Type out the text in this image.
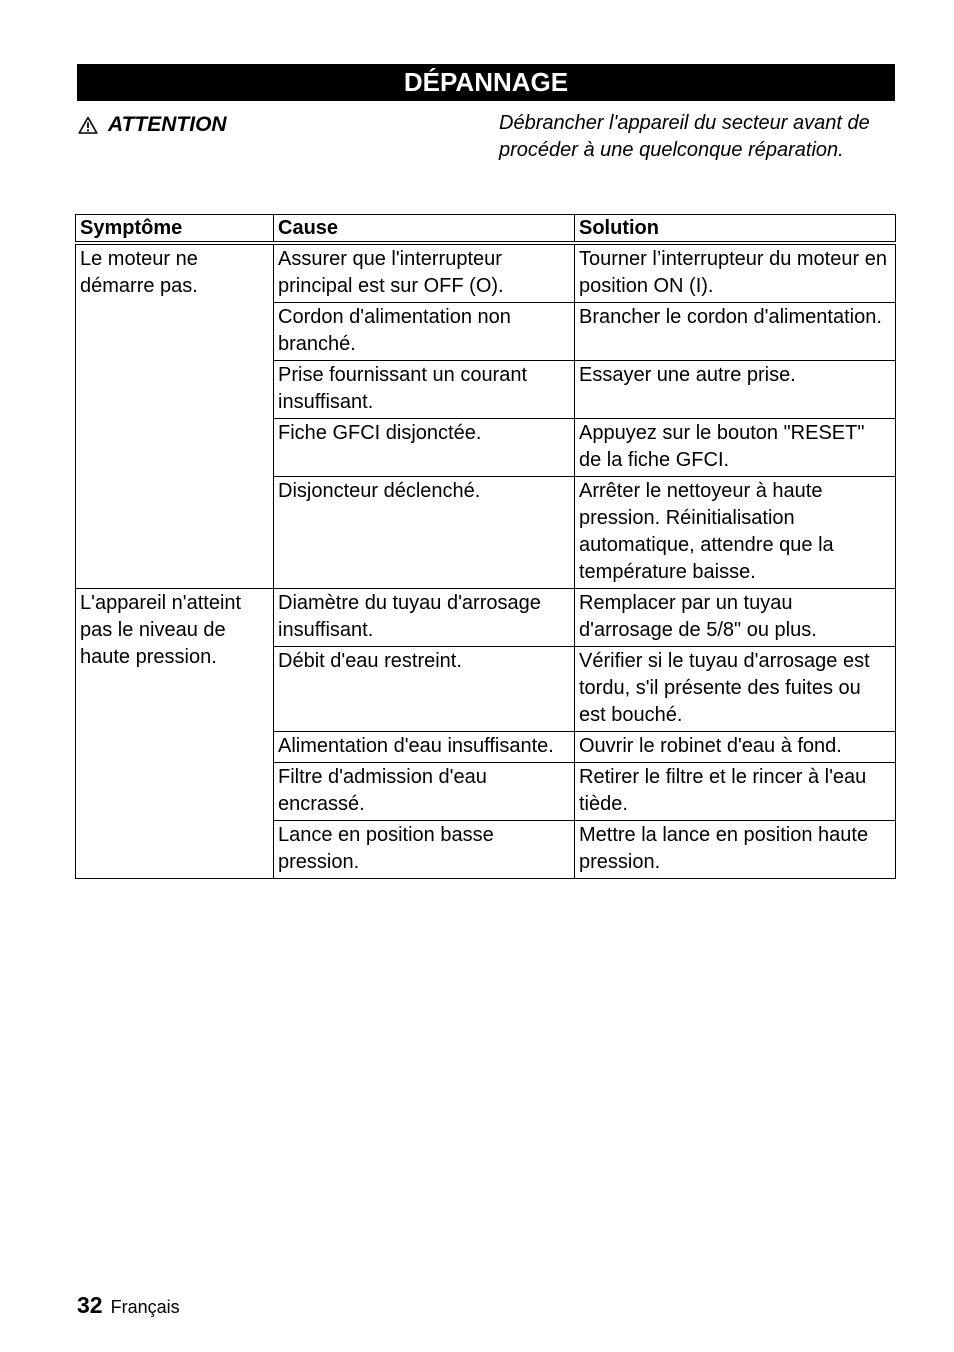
DÉPANNAGE
ATTENTION	Débrancher l'appareil du secteur avant de procéder à une quelconque réparation.
Symptôme	Cause	Solution
Le moteur ne démarre pas.	Assurer que l'interrupteur principal est sur OFF (O).	Tourner l’interrupteur du moteur en position ON (I).
	Cordon d'alimentation non branché.	Brancher le cordon d'alimentation.
	Prise fournissant un courant insuffisant.	Essayer une autre prise.
	Fiche GFCI disjonctée.	Appuyez sur le bouton "RESET" de la fiche GFCI.
	Disjoncteur déclenché.	Arrêter le nettoyeur à haute pression. Réinitialisation automatique, attendre que la température baisse.
L'appareil n'atteint pas le niveau de haute pression.	Diamètre du tuyau d'arrosage insuffisant.	Remplacer par un tuyau d'arrosage de 5/8" ou plus.
	Débit d'eau restreint.	Vérifier si le tuyau d'arrosage est tordu, s'il présente des fuites ou est bouché.
	Alimentation d'eau insuffisante.	Ouvrir le robinet d'eau à fond.
	Filtre d'admission d'eau encrassé.	Retirer le filtre et le rincer à l'eau tiède.
	Lance en position basse pression.	Mettre la lance en position haute pression.
32 Français
